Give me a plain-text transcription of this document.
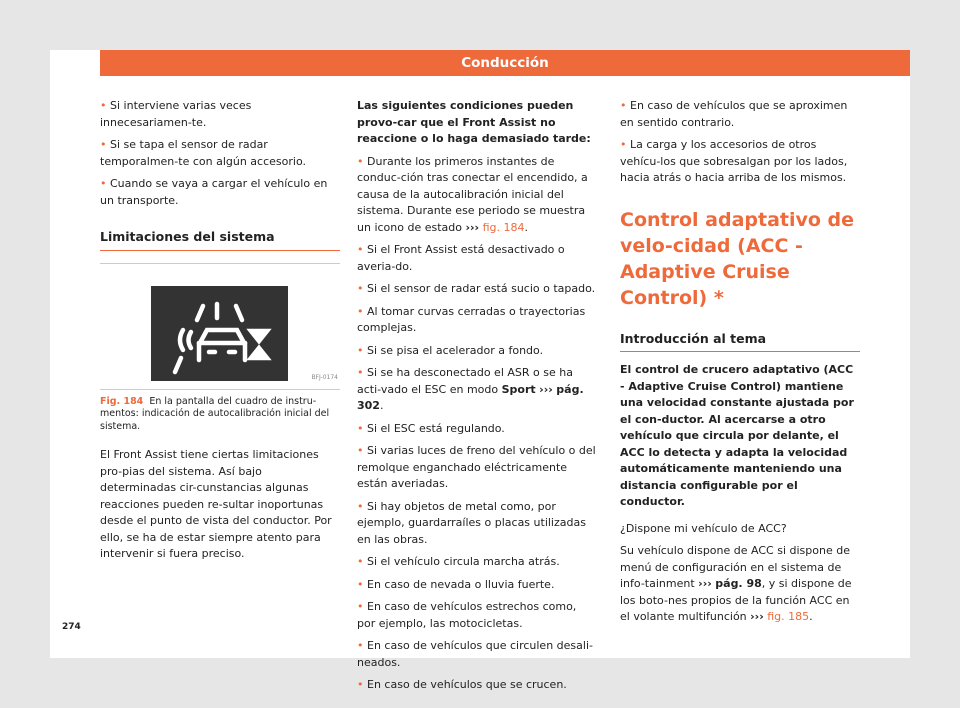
Conducción

• Si interviene varias veces innecesariamen-te.

• Si se tapa el sensor de radar temporalmen-te con algún accesorio.

• Cuando se vaya a cargar el vehículo en un transporte.

Limitaciones del sistema
BFJ-0174
Fig. 184 En la pantalla del cuadro de instru-mentos: indicación de autocalibración inicial del sistema.

El Front Assist tiene ciertas limitaciones pro-pias del sistema. Así bajo determinadas cir-cunstancias algunas reacciones pueden re-sultar inoportunas desde el punto de vista del conductor. Por ello, se ha de estar siempre atento para intervenir si fuera preciso.

Las siguientes condiciones pueden provo-car que el Front Assist no reaccione o lo haga demasiado tarde:

• Durante los primeros instantes de conduc-ción tras conectar el encendido, a causa de la autocalibración inicial del sistema. Durante ese periodo se muestra un icono de estado ››› fig. 184.

• Si el Front Assist está desactivado o averia-do.

• Si el sensor de radar está sucio o tapado.

• Al tomar curvas cerradas o trayectorias complejas.

• Si se pisa el acelerador a fondo.

• Si se ha desconectado el ASR o se ha acti-vado el ESC en modo Sport ››› pág. 302.

• Si el ESC está regulando.

• Si varias luces de freno del vehículo o del remolque enganchado eléctricamente están averiadas.

• Si hay objetos de metal como, por ejemplo, guardarraíles o placas utilizadas en las obras.

• Si el vehículo circula marcha atrás.

• En caso de nevada o lluvia fuerte.

• En caso de vehículos estrechos como, por ejemplo, las motocicletas.

• En caso de vehículos que circulen desali-neados.

• En caso de vehículos que se crucen.

• En caso de vehículos que se aproximen en sentido contrario.

• La carga y los accesorios de otros vehícu-los que sobresalgan por los lados, hacia atrás o hacia arriba de los mismos.

Control adaptativo de velo-cidad (ACC - Adaptive Cruise Control) *
Introducción al tema

El control de crucero adaptativo (ACC - Adaptive Cruise Control) mantiene una velocidad constante ajustada por el con-ductor. Al acercarse a otro vehículo que circula por delante, el ACC lo detecta y adapta la velocidad automáticamente manteniendo una distancia configurable por el conductor.

¿Dispone mi vehículo de ACC?

Su vehículo dispone de ACC si dispone de menú de configuración en el sistema de info-tainment ››› pág. 98, y si dispone de los boto-nes propios de la función ACC en el volante multifunción ››› fig. 185.

274
